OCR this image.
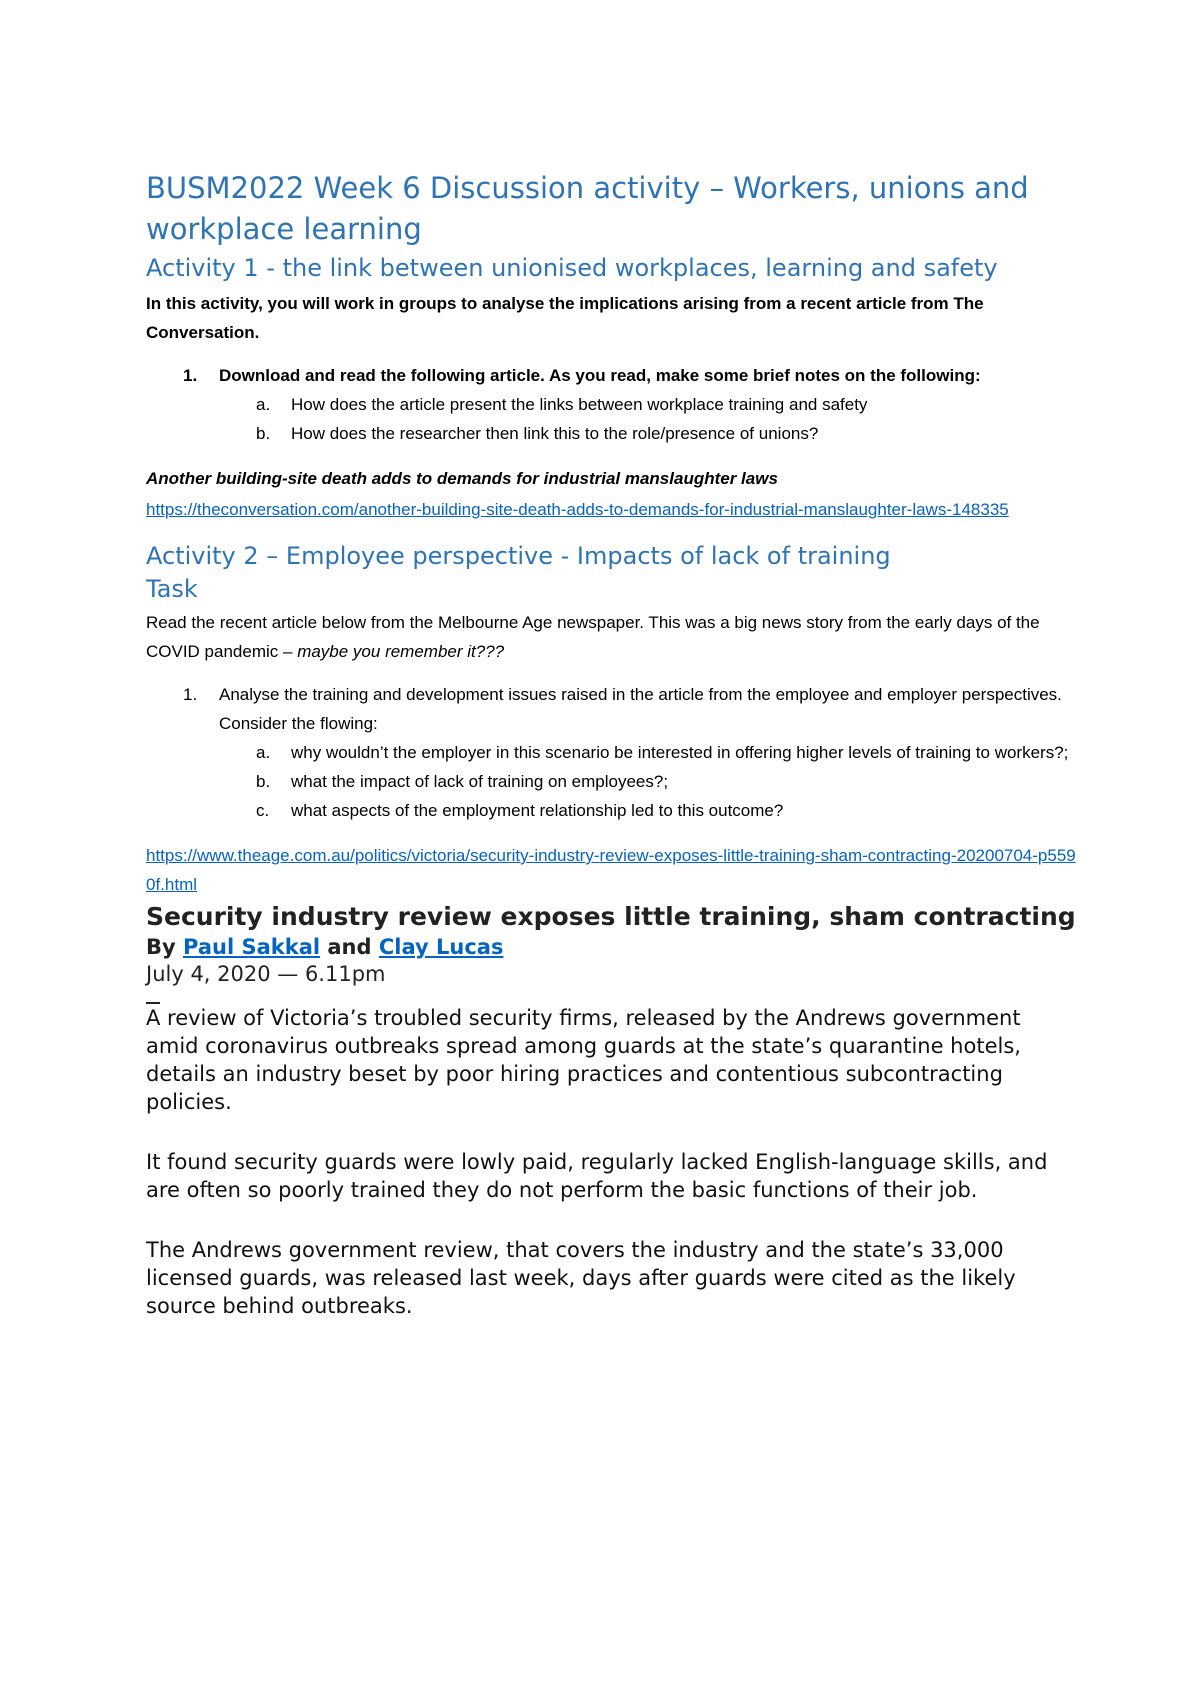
BUSM2022 Week 6 Discussion activity – Workers, unions and workplace learning
Activity 1 - the link between unionised workplaces, learning and safety
In this activity, you will work in groups to analyse the implications arising from a recent article from The Conversation.
1. Download and read the following article. As you read, make some brief notes on the following:
a. How does the article present the links between workplace training and safety
b. How does the researcher then link this to the role/presence of unions?
Another building-site death adds to demands for industrial manslaughter laws
https://theconversation.com/another-building-site-death-adds-to-demands-for-industrial-manslaughter-laws-148335
Activity 2 – Employee perspective - Impacts of lack of training
Task
Read the recent article below from the Melbourne Age newspaper. This was a big news story from the early days of the COVID pandemic – maybe you remember it???
1. Analyse the training and development issues raised in the article from the employee and employer perspectives. Consider the flowing:
a. why wouldn’t the employer in this scenario be interested in offering higher levels of training to workers?;
b. what the impact of lack of training on employees?;
c. what aspects of the employment relationship led to this outcome?
https://www.theage.com.au/politics/victoria/security-industry-review-exposes-little-training-sham-contracting-20200704-p5590f.html
Security industry review exposes little training, sham contracting
By Paul Sakkal and Clay Lucas
July 4, 2020 — 6.11pm

A review of Victoria’s troubled security firms, released by the Andrews government amid coronavirus outbreaks spread among guards at the state’s quarantine hotels, details an industry beset by poor hiring practices and contentious subcontracting policies.

It found security guards were lowly paid, regularly lacked English-language skills, and are often so poorly trained they do not perform the basic functions of their job.

The Andrews government review, that covers the industry and the state’s 33,000 licensed guards, was released last week, days after guards were cited as the likely source behind outbreaks.
